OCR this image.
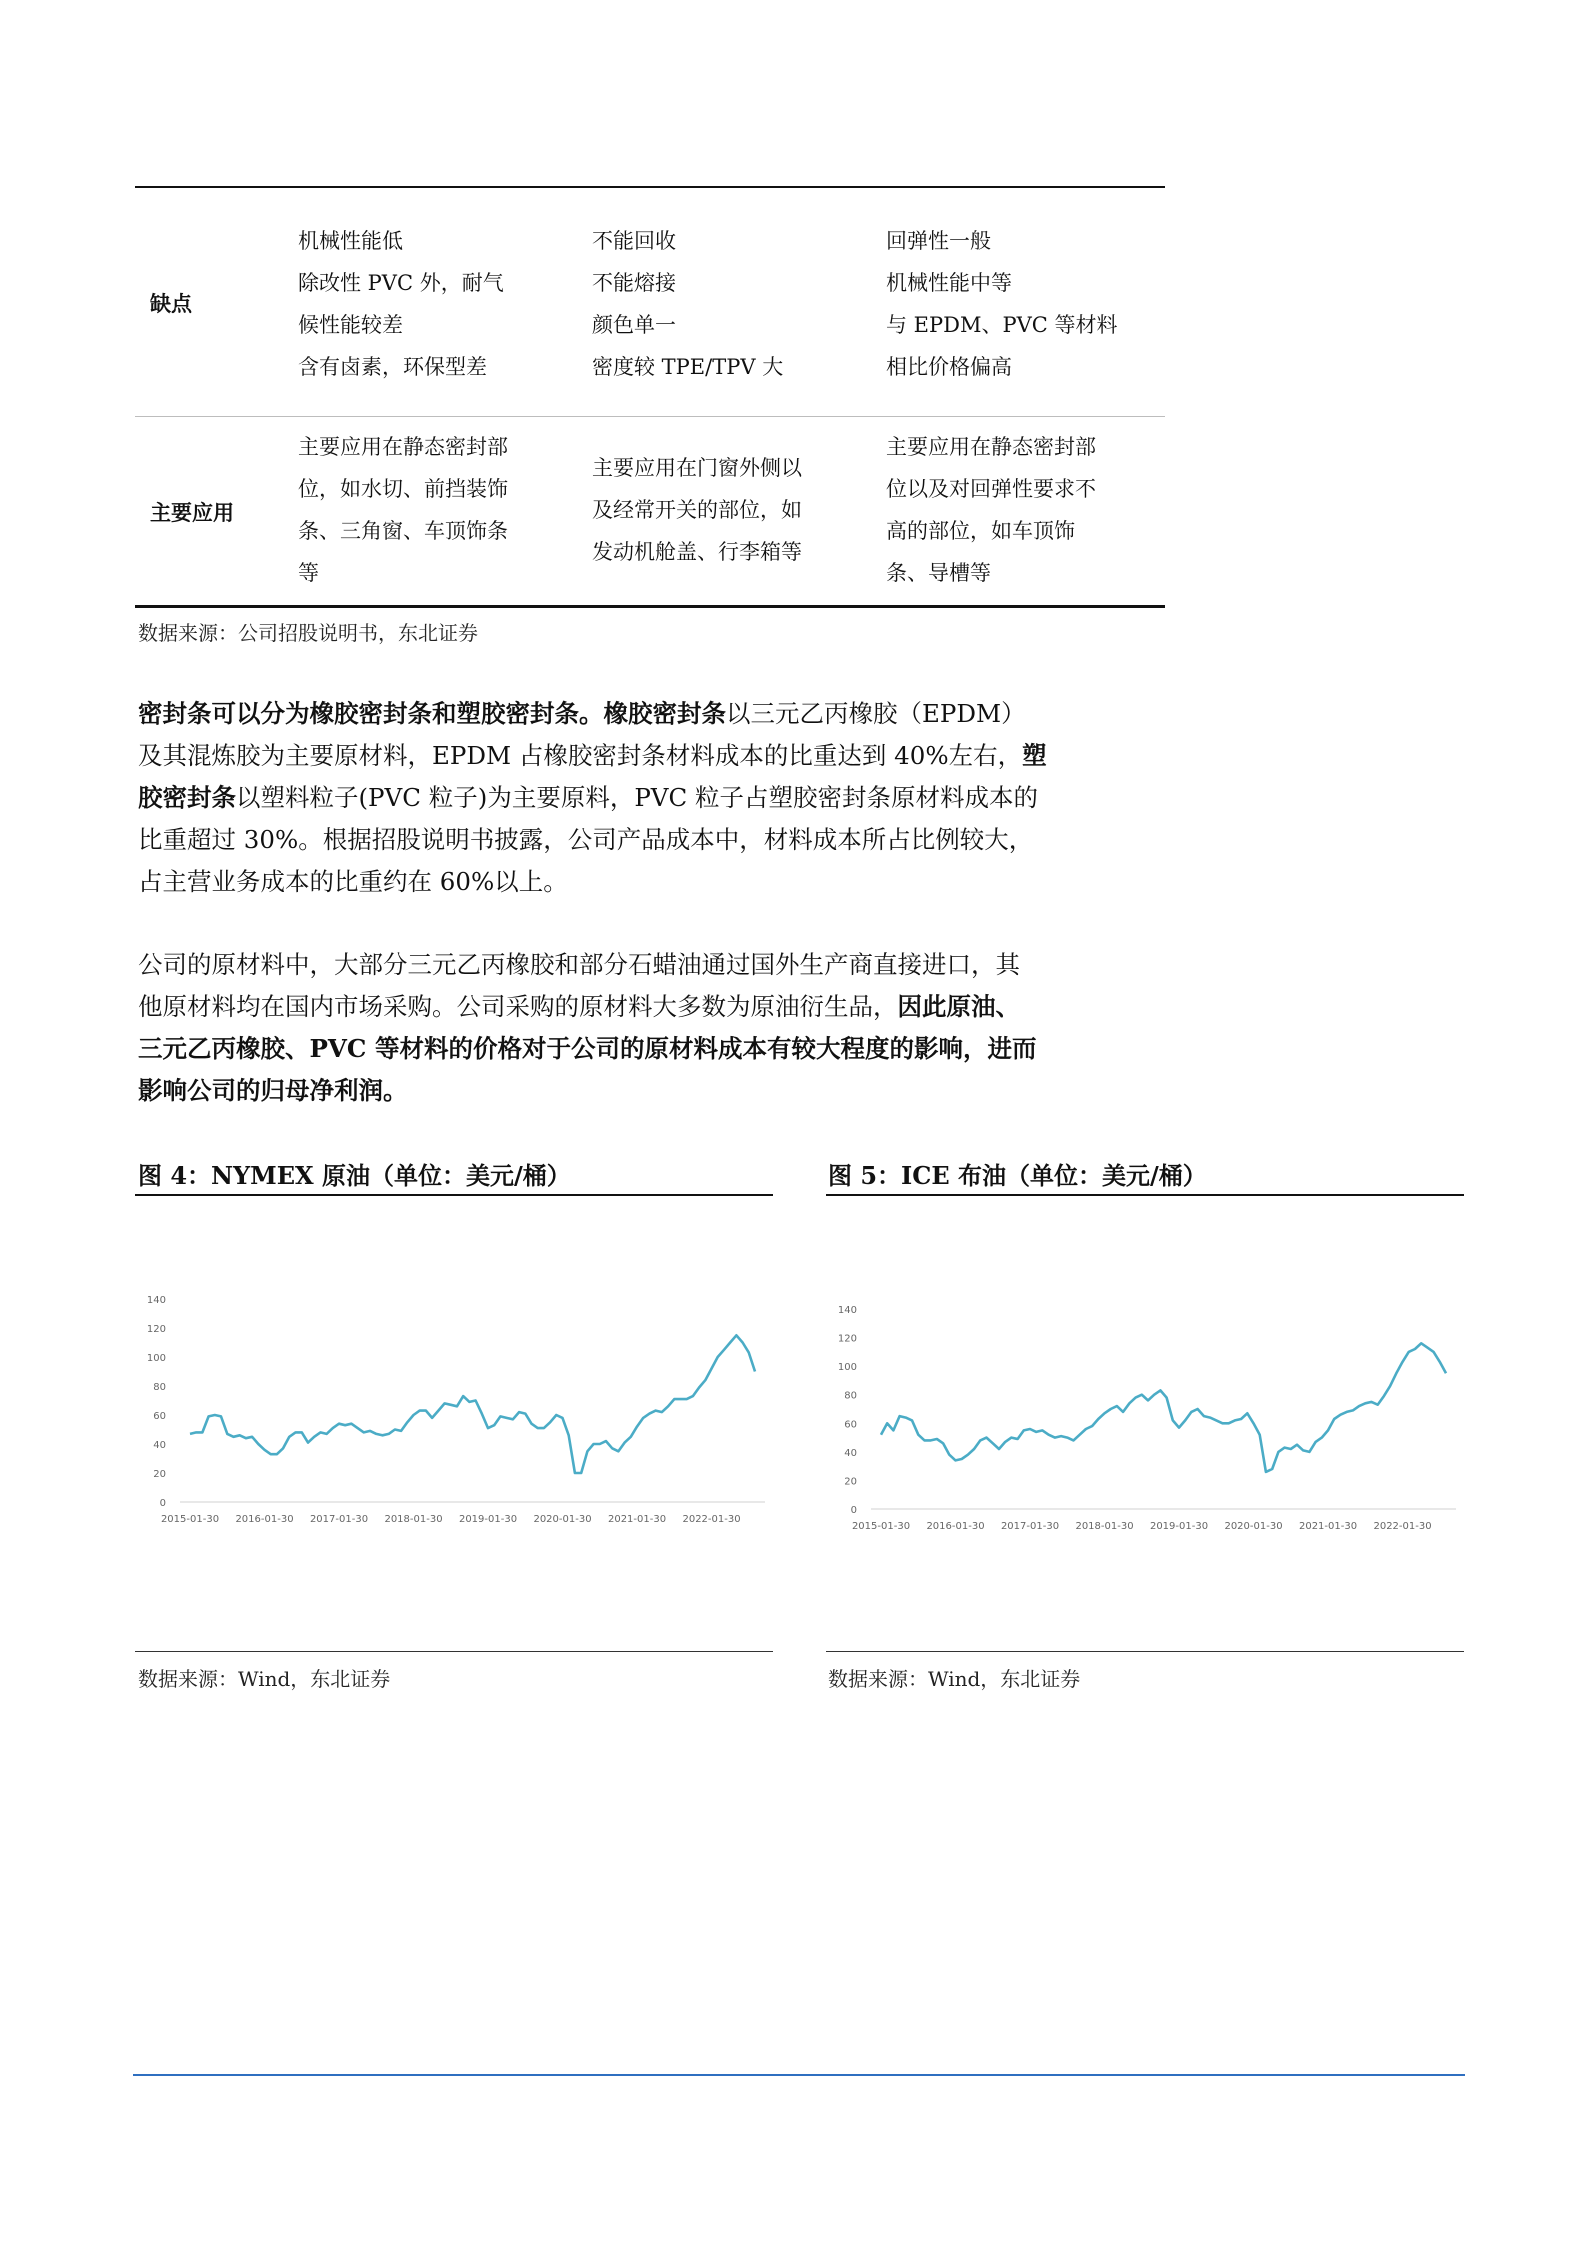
缺点
机械性能低
除改性 PVC 外，耐气
候性能较差
含有卤素，环保型差
不能回收
不能熔接
颜色单一
密度较 TPE/TPV 大
回弹性一般
机械性能中等
与 EPDM、PVC 等材料
相比价格偏高
主要应用
主要应用在静态密封部
位，如水切、前挡装饰
条、三角窗、车顶饰条
等
主要应用在门窗外侧以
及经常开关的部位，如
发动机舱盖、行李箱等
主要应用在静态密封部
位以及对回弹性要求不
高的部位，如车顶饰
条、导槽等
数据来源：公司招股说明书，东北证券
密封条可以分为橡胶密封条和塑胶密封条。橡胶密封条以三元乙丙橡胶（EPDM）
及其混炼胶为主要原材料，EPDM 占橡胶密封条材料成本的比重达到 40%左右，塑
胶密封条以塑料粒子(PVC 粒子)为主要原料，PVC 粒子占塑胶密封条原材料成本的
比重超过 30%。根据招股说明书披露，公司产品成本中，材料成本所占比例较大，
占主营业务成本的比重约在 60%以上。
公司的原材料中，大部分三元乙丙橡胶和部分石蜡油通过国外生产商直接进口，其
他原材料均在国内市场采购。公司采购的原材料大多数为原油衍生品，因此原油、
三元乙丙橡胶、PVC 等材料的价格对于公司的原材料成本有较大程度的影响，进而
影响公司的归母净利润。
图 4：NYMEX 原油（单位：美元/桶）
0
20
40
60
80
100
120
140
2015-01-30 2016-01-30 2017-01-30 2018-01-30 2019-01-30 2020-01-30 2021-01-30 2022-01-30
数据来源：Wind，东北证券
图 5：ICE 布油（单位：美元/桶）
0
20
40
60
80
100
120
140
2015-01-30 2016-01-30 2017-01-30 2018-01-30 2019-01-30 2020-01-30 2021-01-30 2022-01-30
数据来源：Wind，东北证券
